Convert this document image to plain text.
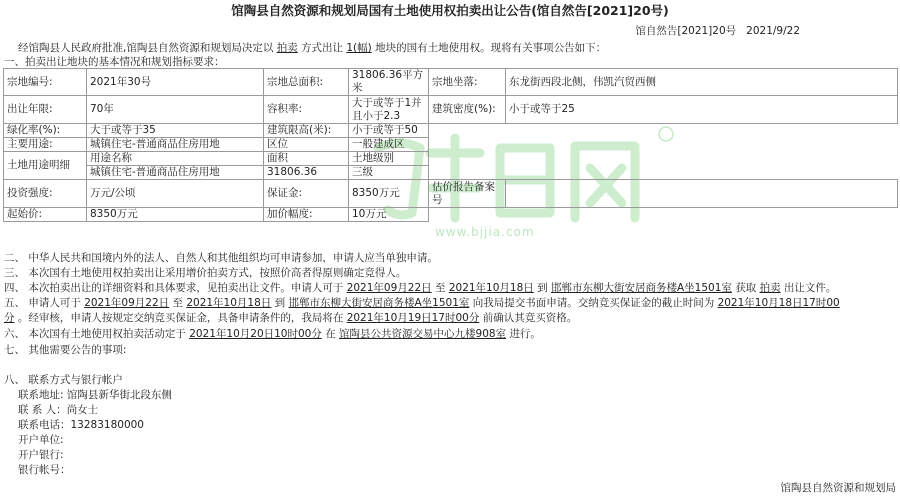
馆陶县自然资源和规划局国有土地使用权拍卖出让公告(馆自然告[2021]20号)
馆自然告[2021]20号 2021/9/22
经馆陶县人民政府批准,馆陶县自然资源和规划局决定以 拍卖 方式出让 1(幅) 地块的国有土地使用权。现将有关事项公告如下：
一、拍卖出让地块的基本情况和规划指标要求：
www.bjjia.com
宗地编号:	2021年30号	宗地总面积:	31806.36平方米	宗地坐落:	东龙街西段北侧，伟凯汽贸西侧
出让年限:	70年	容积率:	大于或等于1并且小于2.3	建筑密度(%):	小于或等于25
绿化率(%):	大于或等于35	建筑限高(米):	小于或等于50		
主要用途:	城镇住宅-普通商品住房用地	区位	一般建成区		
土地用途明细	用途名称	面积	土地级别		
	城镇住宅-普通商品住房用地	31806.36	三级		
投资强度:	万元/公顷	保证金:	8350万元	估价报告备案号	
起始价:	8350万元	加价幅度:	10万元		
二、 中华人民共和国境内外的法人、自然人和其他组织均可申请参加，申请人应当单独申请。
三、 本次国有土地使用权拍卖出让采用增价拍卖方式，按照价高者得原则确定竞得人。
四、 本次拍卖出让的详细资料和具体要求，见拍卖出让文件。申请人可于 2021年09月22日 至 2021年10月18日 到 邯郸市东柳大街安居商务楼A坐1501室 获取 拍卖 出让文件。
五、 申请人可于 2021年09月22日 至 2021年10月18日 到 邯郸市东柳大街安居商务楼A坐1501室 向我局提交书面申请。交纳竞买保证金的截止时间为 2021年10月18日17时00
分 。经审核，申请人按规定交纳竞买保证金，具备申请条件的，我局将在 2021年10月19日17时00分 前确认其竞买资格。
六、 本次国有土地使用权拍卖活动定于 2021年10月20日10时00分 在 馆陶县公共资源交易中心九楼908室 进行。
七、 其他需要公告的事项:
八、 联系方式与银行帐户
联系地址: 馆陶县新华街北段东侧
联 系 人：尚女士
联系电话：13283180000
开户单位:
开户银行:
银行帐号：
馆陶县自然资源和规划局
